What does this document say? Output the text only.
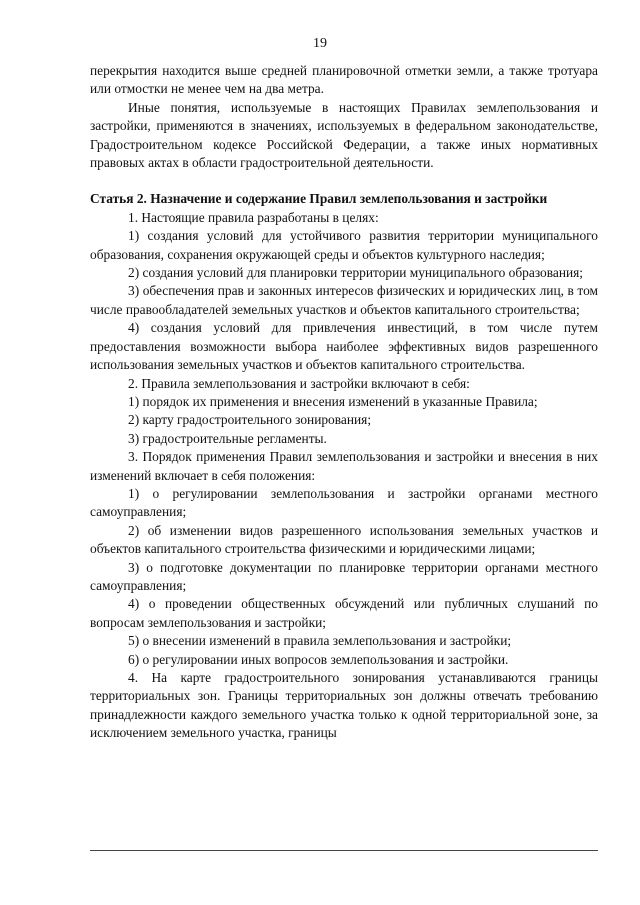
19

перекрытия находится выше средней планировочной отметки земли, а также тротуара или отмостки не менее чем на два метра.

Иные понятия, используемые в настоящих Правилах землепользования и застройки, применяются в значениях, используемых в федеральном законодательстве, Градостроительном кодексе Российской Федерации, а также иных нормативных правовых актах в области градостроительной деятельности.

Статья 2. Назначение и содержание Правил землепользования и застройки

1. Настоящие правила разработаны в целях:

1) создания условий для устойчивого развития территории муниципального образования, сохранения окружающей среды и объектов культурного наследия;

2) создания условий для планировки территории муниципального образования;

3) обеспечения прав и законных интересов физических и юридических лиц, в том числе правообладателей земельных участков и объектов капитального строительства;

4) создания условий для привлечения инвестиций, в том числе путем предоставления возможности выбора наиболее эффективных видов разрешенного использования земельных участков и объектов капитального строительства.

2. Правила землепользования и застройки включают в себя:

1) порядок их применения и внесения изменений в указанные Правила;

2) карту градостроительного зонирования;

3) градостроительные регламенты.

3. Порядок применения Правил землепользования и застройки и внесения в них изменений включает в себя положения:

1) о регулировании землепользования и застройки органами местного самоуправления;

2) об изменении видов разрешенного использования земельных участков и объектов капитального строительства физическими и юридическими лицами;

3) о подготовке документации по планировке территории органами местного самоуправления;

4) о проведении общественных обсуждений или публичных слушаний по вопросам землепользования и застройки;

5) о внесении изменений в правила землепользования и застройки;

6) о регулировании иных вопросов землепользования и застройки.

4. На карте градостроительного зонирования устанавливаются границы территориальных зон. Границы территориальных зон должны отвечать требованию принадлежности каждого земельного участка только к одной территориальной зоне, за исключением земельного участка, границы
